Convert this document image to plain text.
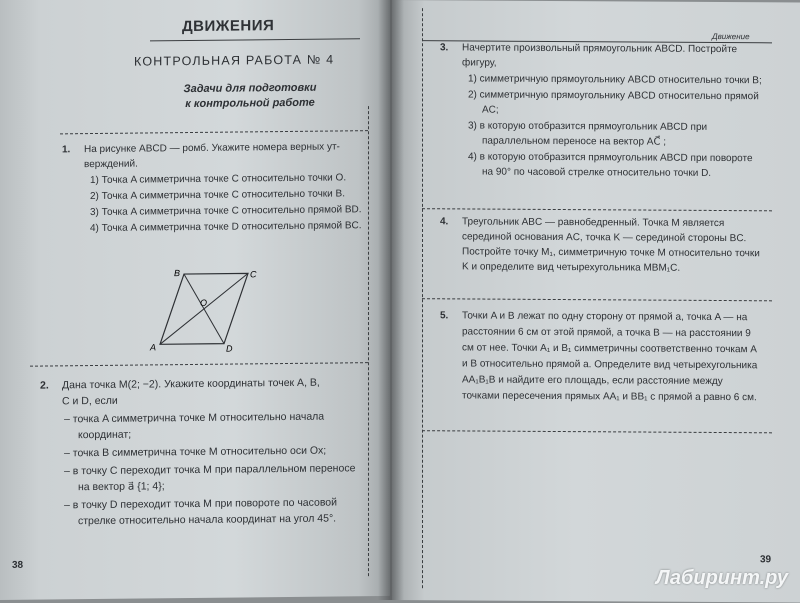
ДВИЖЕНИЯ
КОНТРОЛЬНАЯ РАБОТА № 4
Задачи для подготовки
к контрольной работе
1. На рисунке ABCD — ромб. Укажите номера верных ут-

верждений.

1) Точка A симметрична точке C относительно точки O.

2) Точка A симметрична точке C относительно точки B.

3) Точка A симметрична точке C относительно прямой BD.

4) Точка A симметрична точке D относительно прямой BC.

A
B	C
D
O
2. Дана точка M(2; −2). Укажите координаты точек A, B,

C и D, если

– точка A симметрична точке M относительно начала координат;

– точка B симметрична точке M относительно оси Ox;

– в точку C переходит точка M при параллельном переносе на вектор a⃗ {1; 4};

– в точку D переходит точка M при повороте по часовой стрелке относительно начала координат на угол 45°.

38
Движение
3. Начертите произвольный прямоугольник ABCD. Постройте фигуру,

1) симметричную прямоугольнику ABCD относительно точки B;

2) симметричную прямоугольнику ABCD относительно прямой AC;

3) в которую отобразится прямоугольник ABCD при параллельном переносе на вектор AC⃗ ;

4) в которую отобразится прямоугольник ABCD при повороте на 90° по часовой стрелке относительно точки D.

4. Треугольник ABC — равнобедренный. Точка M является серединой основания AC, точка K — серединой стороны BC. Постройте точку M₁, симметричную точке M относительно точки K и определите вид четырехугольника MBM₁C.

5. Точки A и B лежат по одну сторону от прямой a, точка A — на расстоянии 6 см от этой прямой, а точка B — на расстоянии 9 см от нее. Точки A₁ и B₁ симметричны соответственно точкам A и B относительно прямой a. Определите вид четырехугольника AA₁B₁B и найдите его площадь, если расстояние между точками пересечения прямых AA₁ и BB₁ с прямой a равно 6 см.

39
Лабиринт.ру
